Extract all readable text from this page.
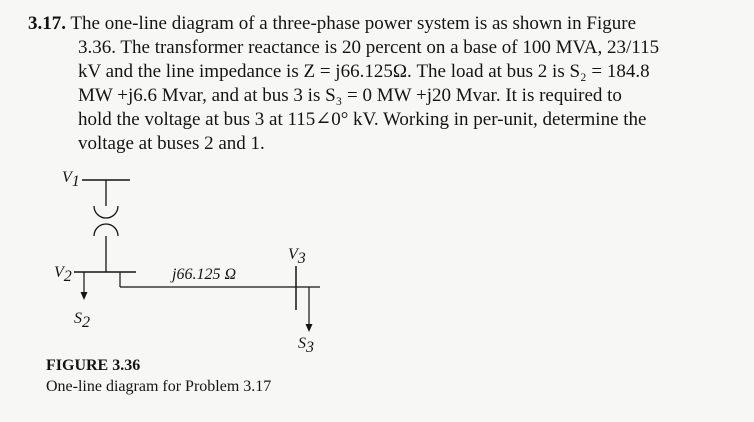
3.17. The one-line diagram of a three-phase power system is as shown in Figure
3.36. The transformer reactance is 20 percent on a base of 100 MVA, 23/115
kV and the line impedance is Z = j66.125Ω. The load at bus 2 is S₂ = 184.8
MW +j6.6 Mvar, and at bus 3 is S₃ = 0 MW +j20 Mvar. It is required to
hold the voltage at bus 3 at 115∠0° kV. Working in per-unit, determine the
voltage at buses 2 and 1.
V1
V2
S2
j66.125 Ω
V3
S3
FIGURE 3.36
One-line diagram for Problem 3.17
